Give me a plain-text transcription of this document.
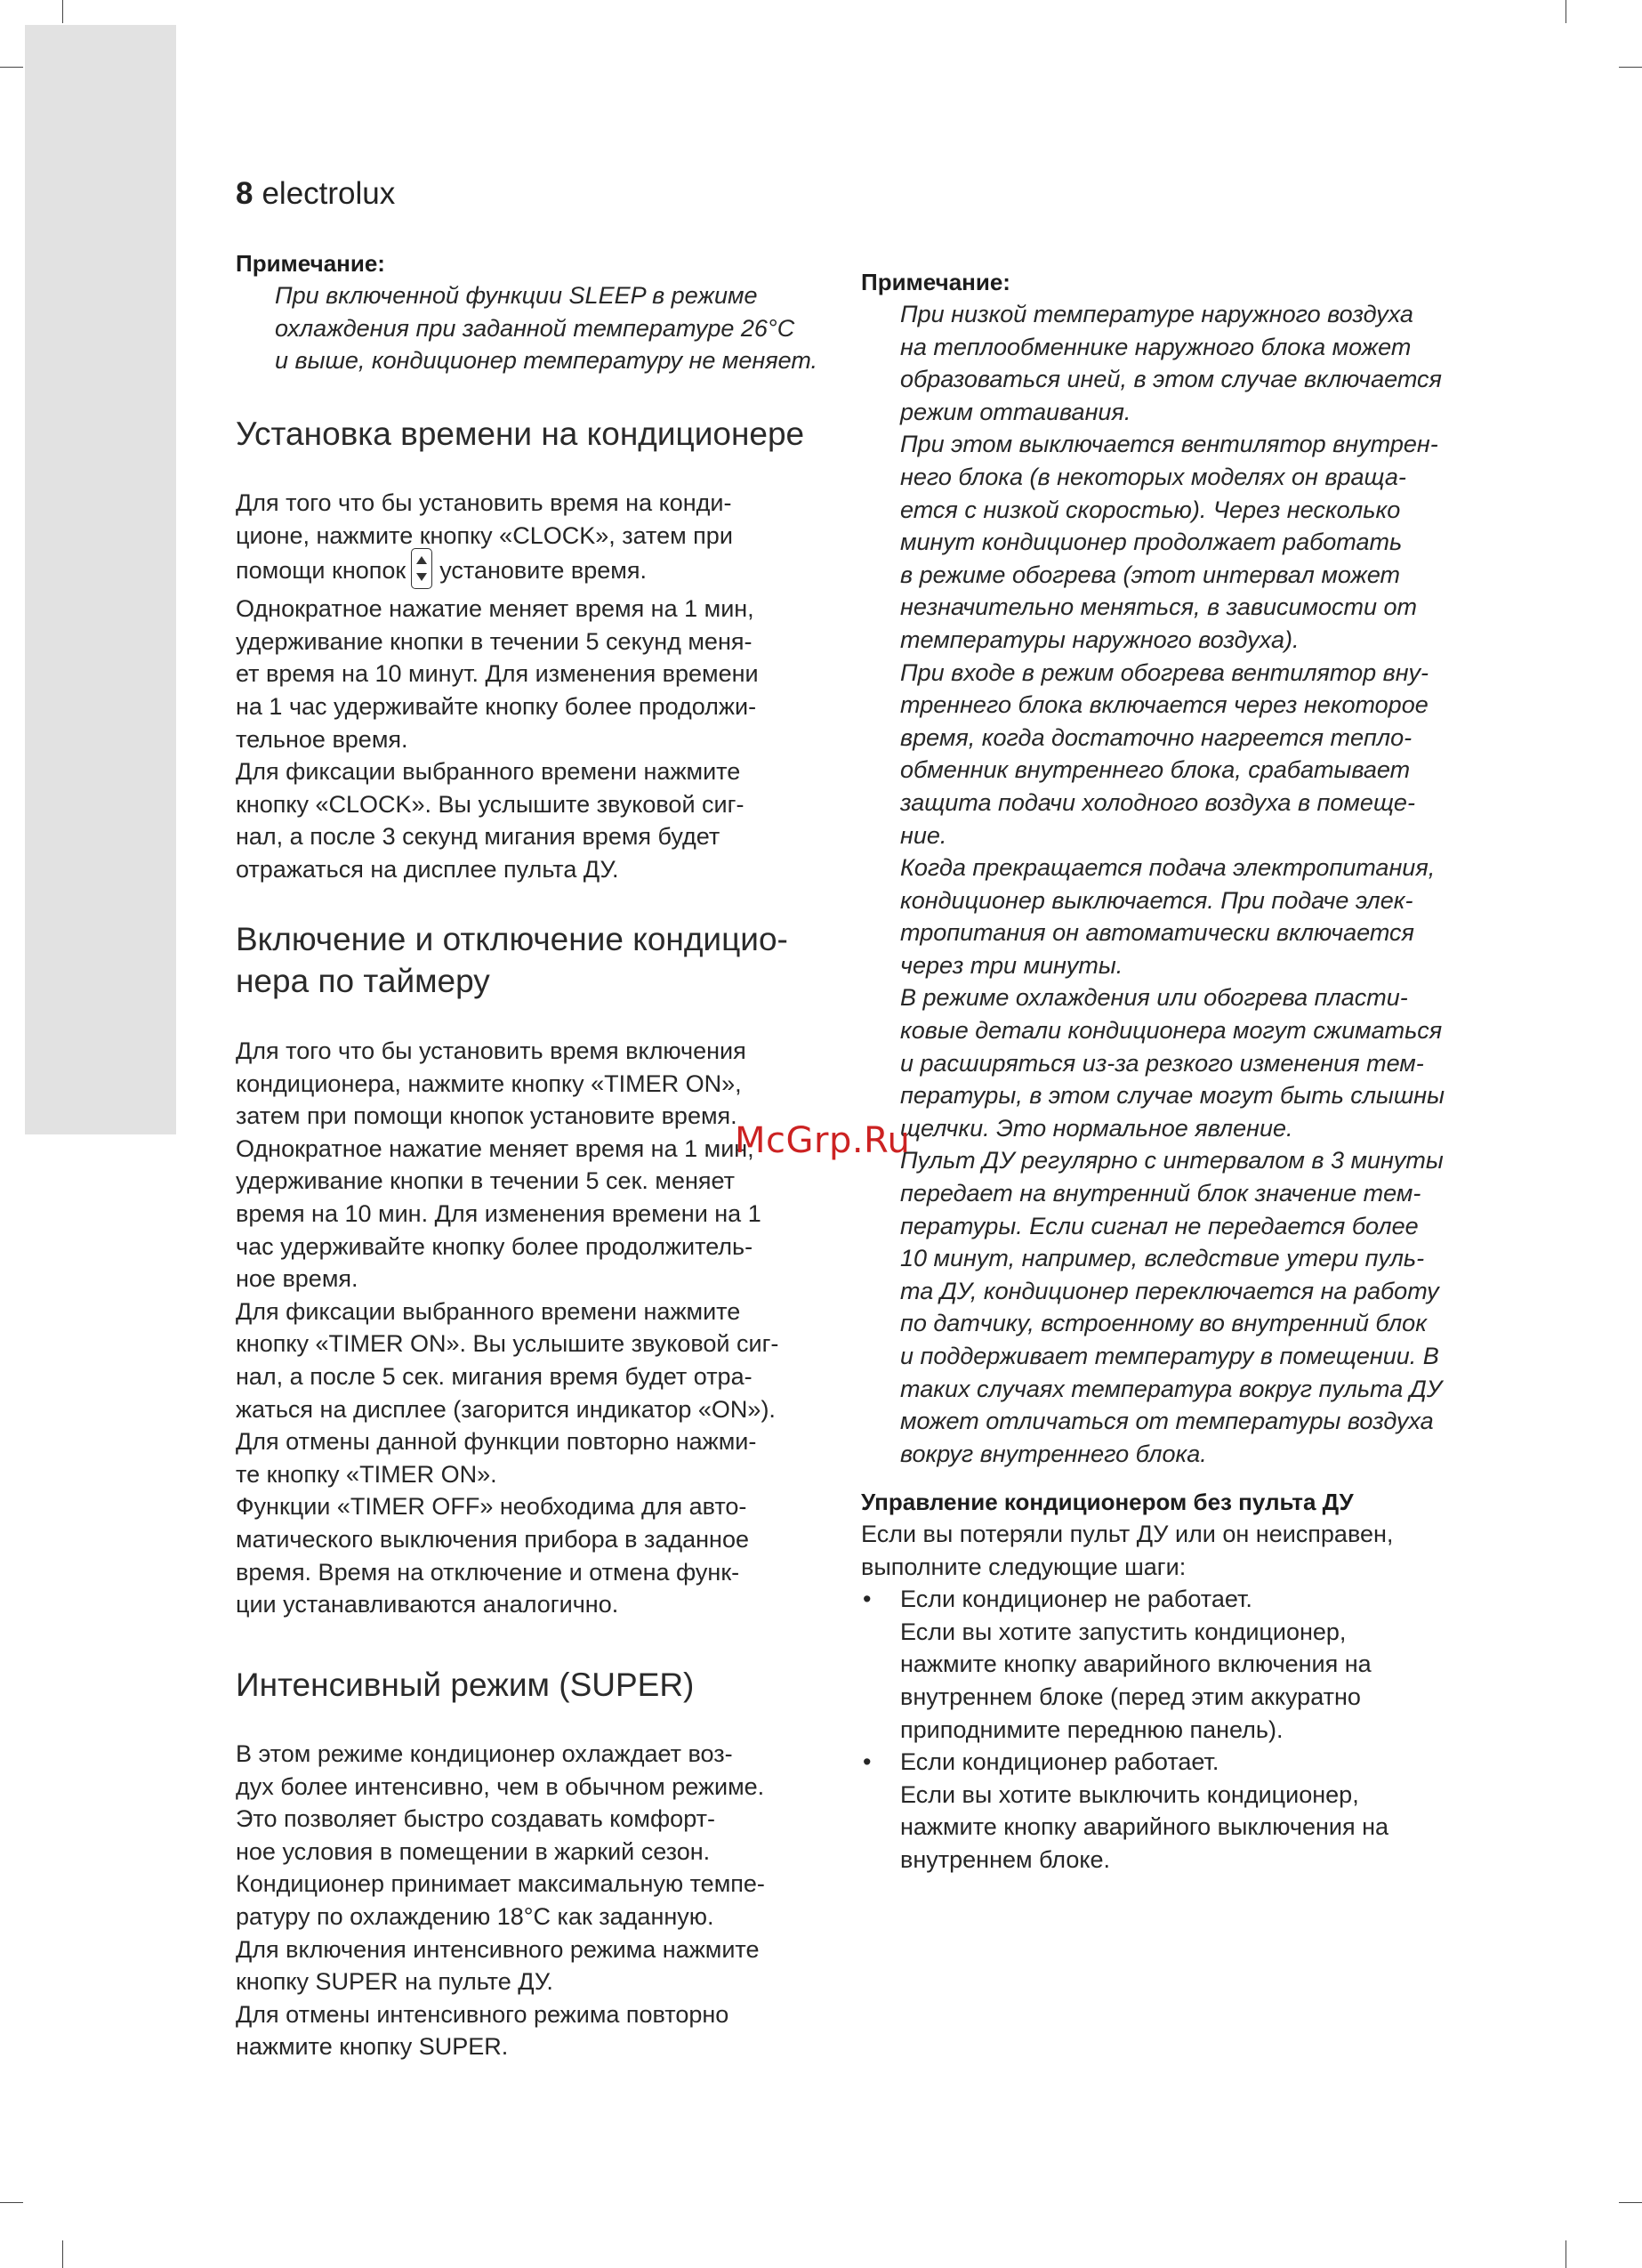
8 electrolux
Примечание:
При включенной функции SLEEP в режиме
охлаждения при заданной температуре 26°C
и выше, кондиционер температуру не меняет.
Установка времени на кондиционере
Для того что бы установить время на конди-
ционе, нажмите кнопку «CLOCK», затем при
помощи кнопок установите время.
Однократное нажатие меняет время на 1 мин,
удерживание кнопки в течении 5 секунд меня-
ет время на 10 минут. Для изменения времени
на 1 час удерживайте кнопку более продолжи-
тельное время.
Для фиксации выбранного времени нажмите
кнопку «CLOCK». Вы услышите звуковой сиг-
нал, а после 3 секунд мигания время будет
отражаться на дисплее пульта ДУ.
Включение и отключение кондицио-
нера по таймеру
Для того что бы установить время включения
кондиционера, нажмите кнопку «TIMER ON»,
затем при помощи кнопок установите время.
Однократное нажатие меняет время на 1 мин,
удерживание кнопки в течении 5 сек. меняет
время на 10 мин. Для изменения времени на 1
час удерживайте кнопку более продолжитель-
ное время.
Для фиксации выбранного времени нажмите
кнопку «TIMER ON». Вы услышите звуковой сиг-
нал, а после 5 сек. мигания время будет отра-
жаться на дисплее (загорится индикатор «ON»).
Для отмены данной функции повторно нажми-
те кнопку «TIMER ON».
Функции «TIMER OFF» необходима для авто-
матического выключения прибора в заданное
время. Время на отключение и отмена функ-
ции устанавливаются аналогично.
Интенсивный режим (SUPER)
В этом режиме кондиционер охлаждает воз-
дух более интенсивно, чем в обычном режиме.
Это позволяет быстро создавать комфорт-
ное условия в помещении в жаркий сезон.
Кондиционер принимает максимальную темпе-
ратуру по охлаждению 18°C как заданную.
Для включения интенсивного режима нажмите
кнопку SUPER на пульте ДУ.
Для отмены интенсивного режима повторно
нажмите кнопку SUPER.
Примечание:
При низкой температуре наружного воздуха
на теплообменнике наружного блока может
образоваться иней, в этом случае включается
режим оттаивания.
При этом выключается вентилятор внутрен-
него блока (в некоторых моделях он враща-
ется с низкой скоростью). Через несколько
минут кондиционер продолжает работать
в режиме обогрева (этот интервал может
незначительно меняться, в зависимости от
температуры наружного воздуха).
При входе в режим обогрева вентилятор вну-
треннего блока включается через некоторое
время, когда достаточно нагреется тепло-
обменник внутреннего блока, срабатывает
защита подачи холодного воздуха в помеще-
ние.
Когда прекращается подача электропитания,
кондиционер выключается. При подаче элек-
тропитания он автоматически включается
через три минуты.
В режиме охлаждения или обогрева пласти-
ковые детали кондиционера могут сжиматься
и расширяться из-за резкого изменения тем-
пературы, в этом случае могут быть слышны
щелчки. Это нормальное явление.
Пульт ДУ регулярно с интервалом в 3 минуты
передает на внутренний блок значение тем-
пературы. Если сигнал не передается более
10 минут, например, вследствие утери пуль-
та ДУ, кондиционер переключается на работу
по датчику, встроенному во внутренний блок
и поддерживает температуру в помещении. В
таких случаях температура вокруг пульта ДУ
может отличаться от температуры воздуха
вокруг внутреннего блока.
Управление кондиционером без пульта ДУ
Если вы потеряли пульт ДУ или он неисправен,
выполните следующие шаги:
• Если кондиционер не работает.
Если вы хотите запустить кондиционер,
нажмите кнопку аварийного включения на
внутреннем блоке (перед этим аккуратно
приподнимите переднюю панель).
• Если кондиционер работает.
Если вы хотите выключить кондиционер,
нажмите кнопку аварийного выключения на
внутреннем блоке.
McGrp.Ru
